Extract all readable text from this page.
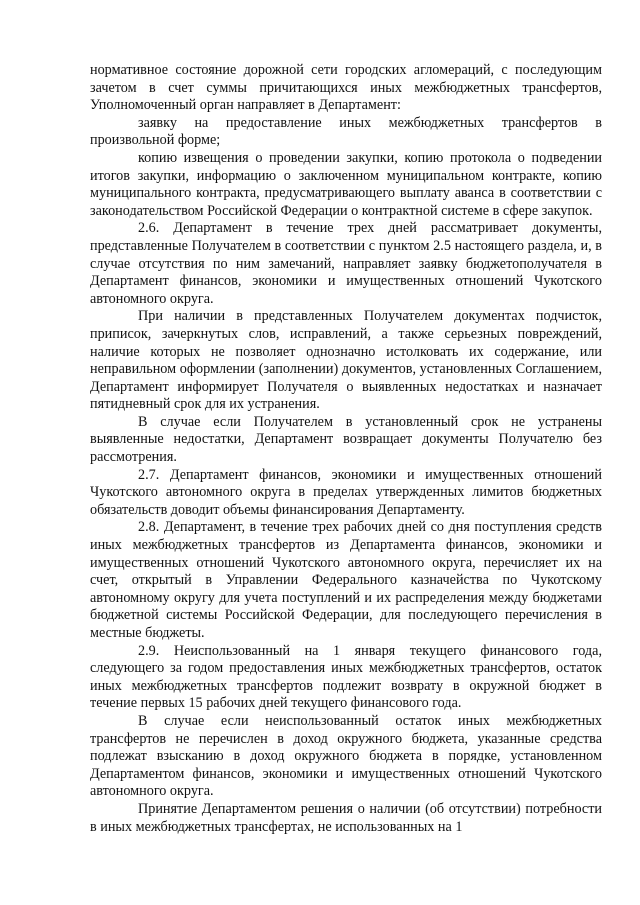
нормативное состояние дорожной сети городских агломераций, с последующим зачетом в счет суммы причитающихся иных межбюджетных трансфертов, Уполномоченный орган направляет в Департамент:

заявку на предоставление иных межбюджетных трансфертов в произвольной форме;

копию извещения о проведении закупки, копию протокола о подведении итогов закупки, информацию о заключенном муниципальном контракте, копию муниципального контракта, предусматривающего выплату аванса в соответствии с законодательством Российской Федерации о контрактной системе в сфере закупок.

2.6. Департамент в течение трех дней рассматривает документы, представленные Получателем в соответствии с пунктом 2.5 настоящего раздела, и, в случае отсутствия по ним замечаний, направляет заявку бюджетополучателя в Департамент финансов, экономики и имущественных отношений Чукотского автономного округа.

При наличии в представленных Получателем документах подчисток, приписок, зачеркнутых слов, исправлений, а также серьезных повреждений, наличие которых не позволяет однозначно истолковать их содержание, или неправильном оформлении (заполнении) документов, установленных Соглашением, Департамент информирует Получателя о выявленных недостатках и назначает пятидневный срок для их устранения.

В случае если Получателем в установленный срок не устранены выявленные недостатки, Департамент возвращает документы Получателю без рассмотрения.

2.7. Департамент финансов, экономики и имущественных отношений Чукотского автономного округа в пределах утвержденных лимитов бюджетных обязательств доводит объемы финансирования Департаменту.

2.8. Департамент, в течение трех рабочих дней со дня поступления средств иных межбюджетных трансфертов из Департамента финансов, экономики и имущественных отношений Чукотского автономного округа, перечисляет их на счет, открытый в Управлении Федерального казначейства по Чукотскому автономному округу для учета поступлений и их распределения между бюджетами бюджетной системы Российской Федерации, для последующего перечисления в местные бюджеты.

2.9. Неиспользованный на 1 января текущего финансового года, следующего за годом предоставления иных межбюджетных трансфертов, остаток иных межбюджетных трансфертов подлежит возврату в окружной бюджет в течение первых 15 рабочих дней текущего финансового года.

В случае если неиспользованный остаток иных межбюджетных трансфертов не перечислен в доход окружного бюджета, указанные средства подлежат взысканию в доход окружного бюджета в порядке, установленном Департаментом финансов, экономики и имущественных отношений Чукотского автономного округа.

Принятие Департаментом решения о наличии (об отсутствии) потребности в иных межбюджетных трансфертах, не использованных на 1
